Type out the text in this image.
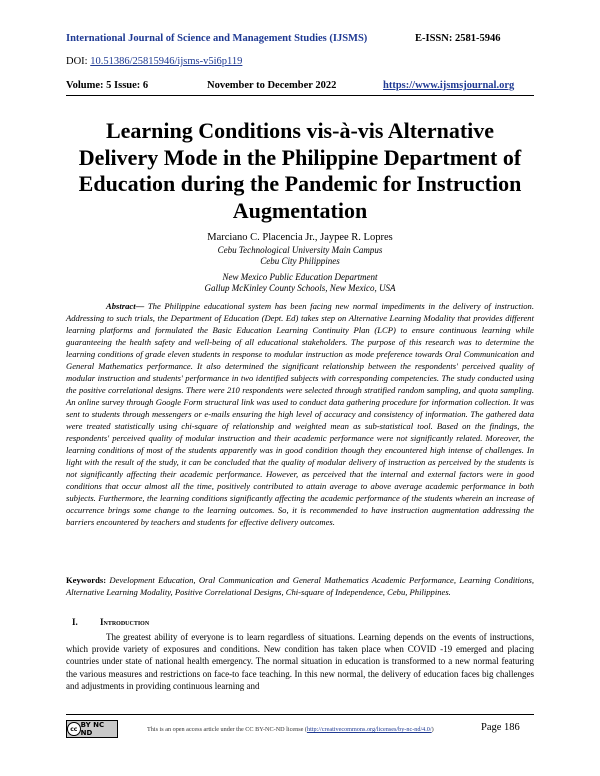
International Journal of Science and Management Studies (IJSMS)	E-ISSN: 2581-5946
DOI: 10.51386/25815946/ijsms-v5i6p119
Volume: 5 Issue: 6	November to December 2022	https://www.ijsmsjournal.org
Learning Conditions vis-à-vis Alternative Delivery Mode in the Philippine Department of Education during the Pandemic for Instruction Augmentation
Marciano C. Placencia Jr., Jaypee R. Lopres
Cebu Technological University Main Campus
Cebu City Philippines
New Mexico Public Education Department
Gallup McKinley County Schools, New Mexico, USA
Abstract— The Philippine educational system has been facing new normal impediments in the delivery of instruction. Addressing to such trials, the Department of Education (Dept. Ed) takes step on Alternative Learning Modality that provides different learning platforms and formulated the Basic Education Learning Continuity Plan (LCP) to ensure continuous learning while guaranteeing the health safety and well-being of all educational stakeholders. The purpose of this research was to determine the learning conditions of grade eleven students in response to modular instruction as mode preference towards Oral Communication and General Mathematics performance. It also determined the significant relationship between the respondents' perceived quality of modular instruction and students' performance in two identified subjects with corresponding competencies. The study conducted using the positive correlational designs. There were 210 respondents were selected through stratified random sampling, and quota sampling. An online survey through Google Form structural link was used to conduct data gathering procedure for information collection. It was sent to students through messengers or e-mails ensuring the high level of accuracy and consistency of information. The gathered data were treated statistically using chi-square of relationship and weighted mean as sub-statistical tool. Based on the findings, the respondents' perceived quality of modular instruction and their academic performance were not significantly related. Moreover, the learning conditions of most of the students apparently was in good condition though they encountered high intense of challenges. In light with the result of the study, it can be concluded that the quality of modular delivery of instruction as perceived by the students is not significantly affecting their academic performance. However, as perceived that the internal and external factors were in good conditions that occur almost all the time, positively contributed to attain average to above average academic performance in both subjects. Furthermore, the learning conditions significantly affecting the academic performance of the students wherein an increase of occurrence brings some change to the learning outcomes. So, it is recommended to have instruction augmentation addressing the barriers encountered by teachers and students for effective delivery outcomes.
Keywords: Development Education, Oral Communication and General Mathematics Academic Performance, Learning Conditions, Alternative Learning Modality, Positive Correlational Designs, Chi-square of Independence, Cebu, Philippines.
I. Introduction
The greatest ability of everyone is to learn regardless of situations. Learning depends on the events of instructions, which provide variety of exposures and conditions. New condition has taken place when COVID -19 emerged and placing countries under state of national health emergency. The normal situation in education is transformed to a new normal featuring the various measures and restrictions on face-to face teaching. In this new normal, the delivery of education faces big challenges and adjustments in providing continuous learning and
cc BY NC ND	This is an open access article under the CC BY-NC-ND license (http://creativecommons.org/licenses/by-nc-nd/4.0/)	Page 186
